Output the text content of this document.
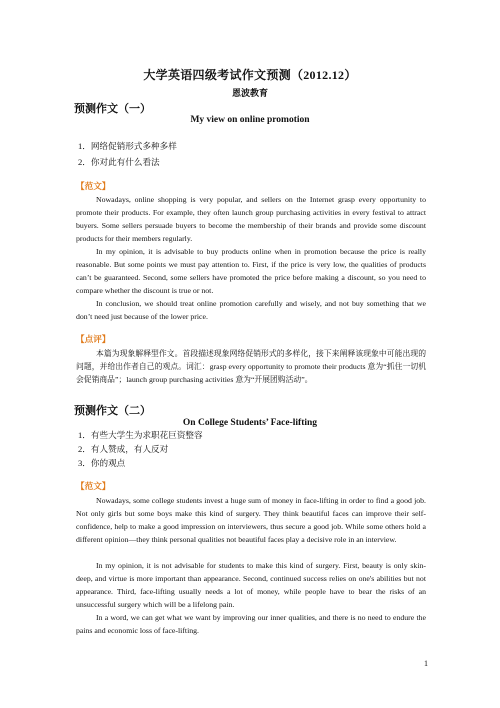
大学英语四级考试作文预测（2012.12）
恩波教育
预测作文（一）
My view on online promotion
1．网络促销形式多种多样
2．你对此有什么看法
【范文】
Nowadays, online shopping is very popular, and sellers on the Internet grasp every opportunity to promote their products. For example, they often launch group purchasing activities in every festival to attract buyers. Some sellers persuade buyers to become the membership of their brands and provide some discount products for their members regularly.
In my opinion, it is advisable to buy products online when in promotion because the price is really reasonable. But some points we must pay attention to. First, if the price is very low, the qualities of products can’t be guaranteed. Second, some sellers have promoted the price before making a discount, so you need to compare whether the discount is true or not.
In conclusion, we should treat online promotion carefully and wisely, and not buy something that we don’t need just because of the lower price.
【点评】
本篇为现象解释型作文。首段描述现象网络促销形式的多样化，接下来阐释该现象中可能出现的问题，并给出作者自己的观点。词汇：grasp every opportunity to promote their products 意为“抓住一切机会促销商品”；launch group purchasing activities 意为“开展团购活动”。
预测作文（二）
On College Students’ Face-lifting
1．有些大学生为求职花巨资整容
2．有人赞成，有人反对
3．你的观点
【范文】
Nowadays, some college students invest a huge sum of money in face-lifting in order to find a good job. Not only girls but some boys make this kind of surgery. They think beautiful faces can improve their self-confidence, help to make a good impression on interviewers, thus secure a good job. While some others hold a different opinion—they think personal qualities not beautiful faces play a decisive role in an interview.
In my opinion, it is not advisable for students to make this kind of surgery. First, beauty is only skin-deep, and virtue is more important than appearance. Second, continued success relies on one's abilities but not appearance. Third, face-lifting usually needs a lot of money, while people have to bear the risks of an unsuccessful surgery which will be a lifelong pain.
In a word, we can get what we want by improving our inner qualities, and there is no need to endure the pains and economic loss of face-lifting.
1
